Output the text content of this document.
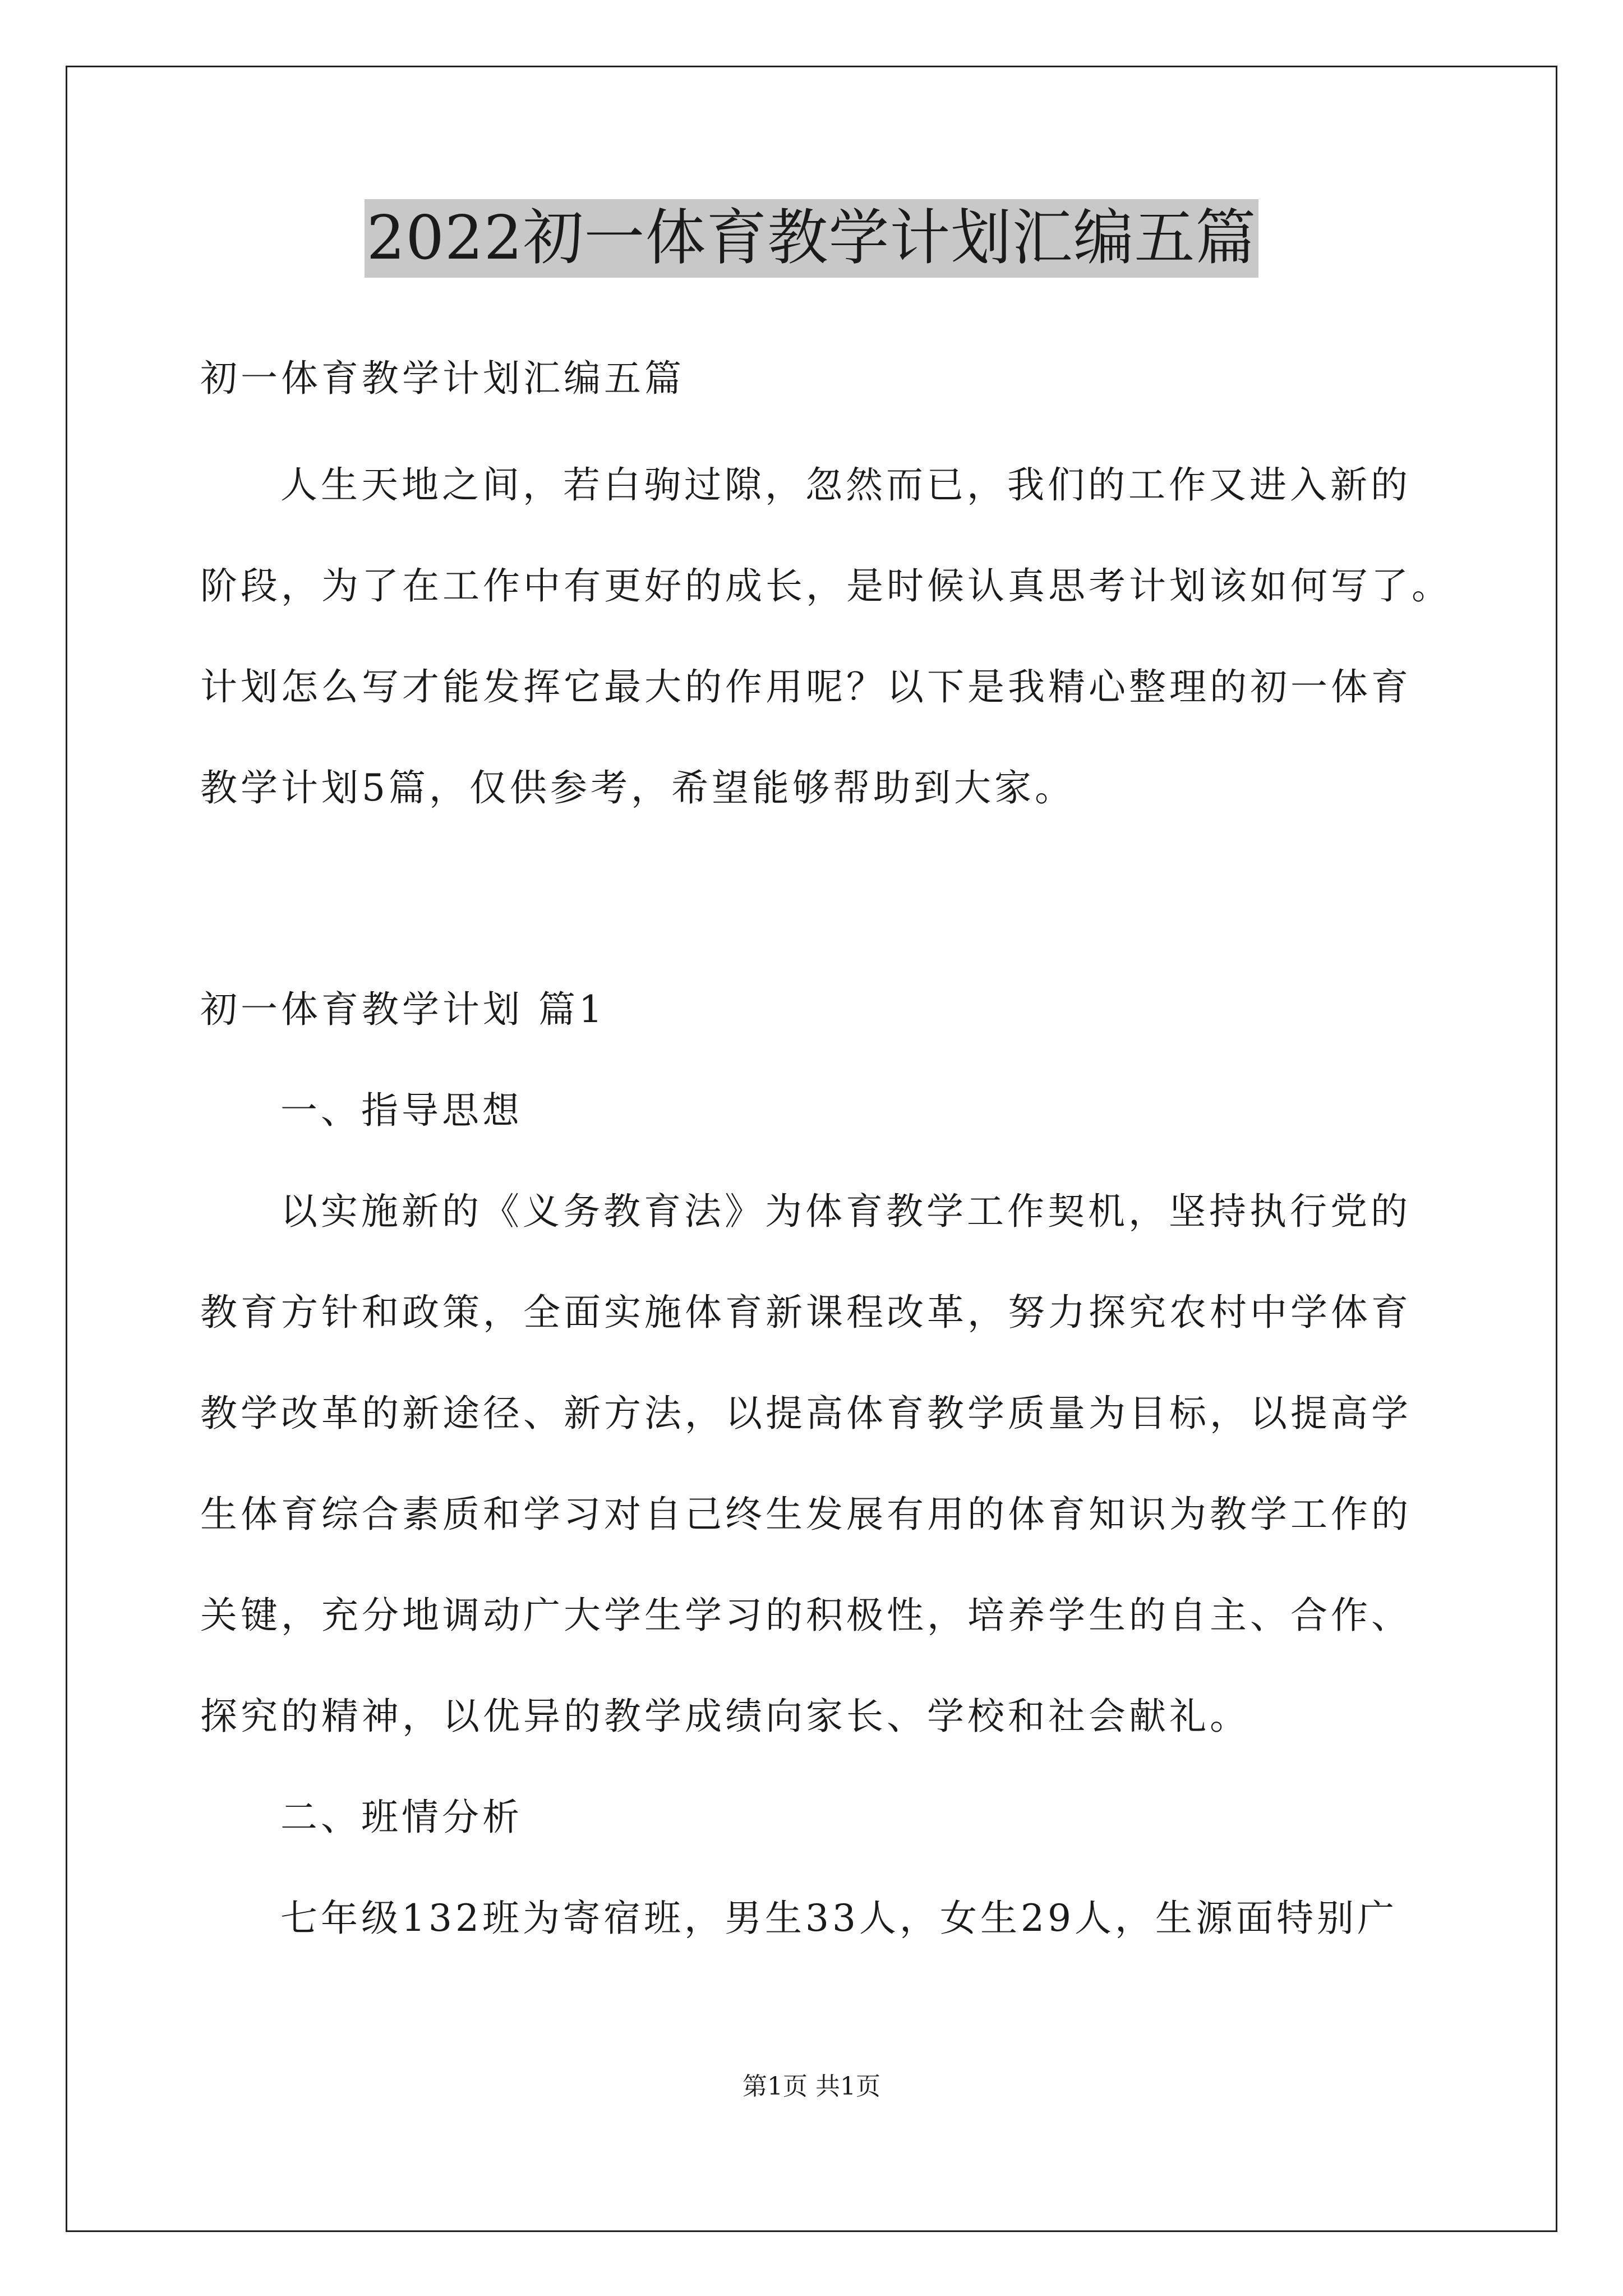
2022初一体育教学计划汇编五篇
初一体育教学计划汇编五篇
人生天地之间，若白驹过隙，忽然而已，我们的工作又进入新的
阶段，为了在工作中有更好的成长，是时候认真思考计划该如何写了。
计划怎么写才能发挥它最大的作用呢？以下是我精心整理的初一体育
教学计划5篇，仅供参考，希望能够帮助到大家。
初一体育教学计划 篇1
一、指导思想
以实施新的《义务教育法》为体育教学工作契机，坚持执行党的
教育方针和政策，全面实施体育新课程改革，努力探究农村中学体育
教学改革的新途径、新方法，以提高体育教学质量为目标，以提高学
生体育综合素质和学习对自己终生发展有用的体育知识为教学工作的
关键，充分地调动广大学生学习的积极性，培养学生的自主、合作、
探究的精神，以优异的教学成绩向家长、学校和社会献礼。
二、班情分析
七年级132班为寄宿班，男生33人，女生29人，生源面特别广
第1页 共1页
